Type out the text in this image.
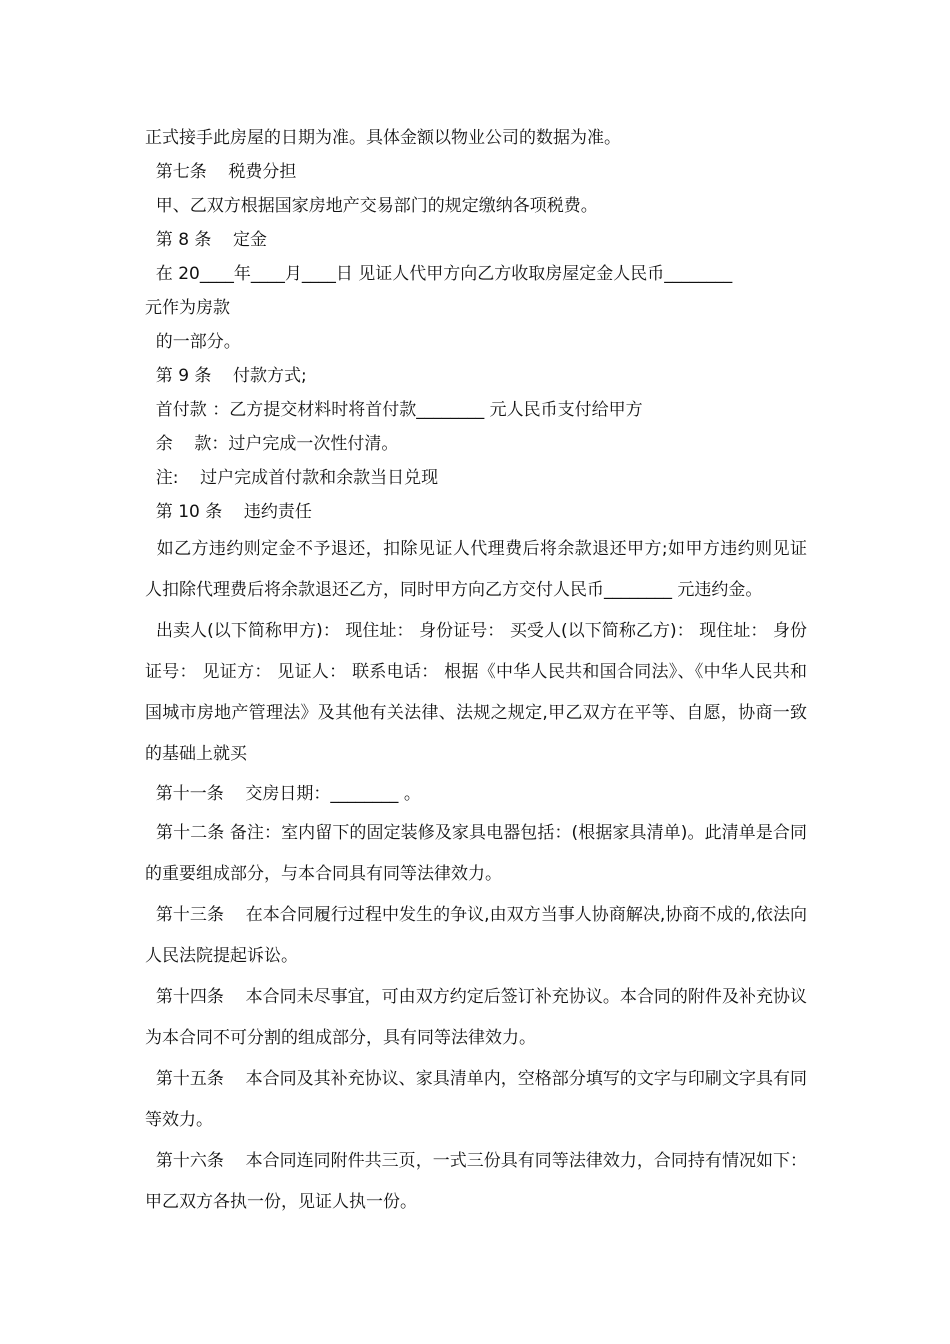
正式接手此房屋的日期为准。具体金额以物业公司的数据为准。
第七条    税费分担
甲、乙双方根据国家房地产交易部门的规定缴纳各项税费。
第 8 条    定金
在 20____年____月____日 见证人代甲方向乙方收取房屋定金人民币________
元作为房款
的一部分。
第 9 条    付款方式;
首付款 ：乙方提交材料时将首付款________ 元人民币支付给甲方
余    款：过户完成一次性付清。
注:    过户完成首付款和余款当日兑现
第 10 条    违约责任
如乙方违约则定金不予退还，扣除见证人代理费后将余款退还甲方;如甲方违约则见证人扣除代理费后将余款退还乙方，同时甲方向乙方交付人民币________ 元违约金。
出卖人(以下简称甲方)： 现住址： 身份证号： 买受人(以下简称乙方)： 现住址： 身份证号： 见证方： 见证人： 联系电话： 根据《中华人民共和国合同法》、《中华人民共和国城市房地产管理法》及其他有关法律、法规之规定,甲乙双方在平等、自愿，协商一致的基础上就买
第十一条    交房日期：________ 。
第十二条 备注：室内留下的固定装修及家具电器包括：(根据家具清单)。此清单是合同的重要组成部分，与本合同具有同等法律效力。
第十三条    在本合同履行过程中发生的争议,由双方当事人协商解决,协商不成的,依法向人民法院提起诉讼。
第十四条    本合同未尽事宜，可由双方约定后签订补充协议。本合同的附件及补充协议为本合同不可分割的组成部分，具有同等法律效力。
第十五条    本合同及其补充协议、家具清单内，空格部分填写的文字与印刷文字具有同等效力。
第十六条    本合同连同附件共三页，一式三份具有同等法律效力，合同持有情况如下：甲乙双方各执一份，见证人执一份。
